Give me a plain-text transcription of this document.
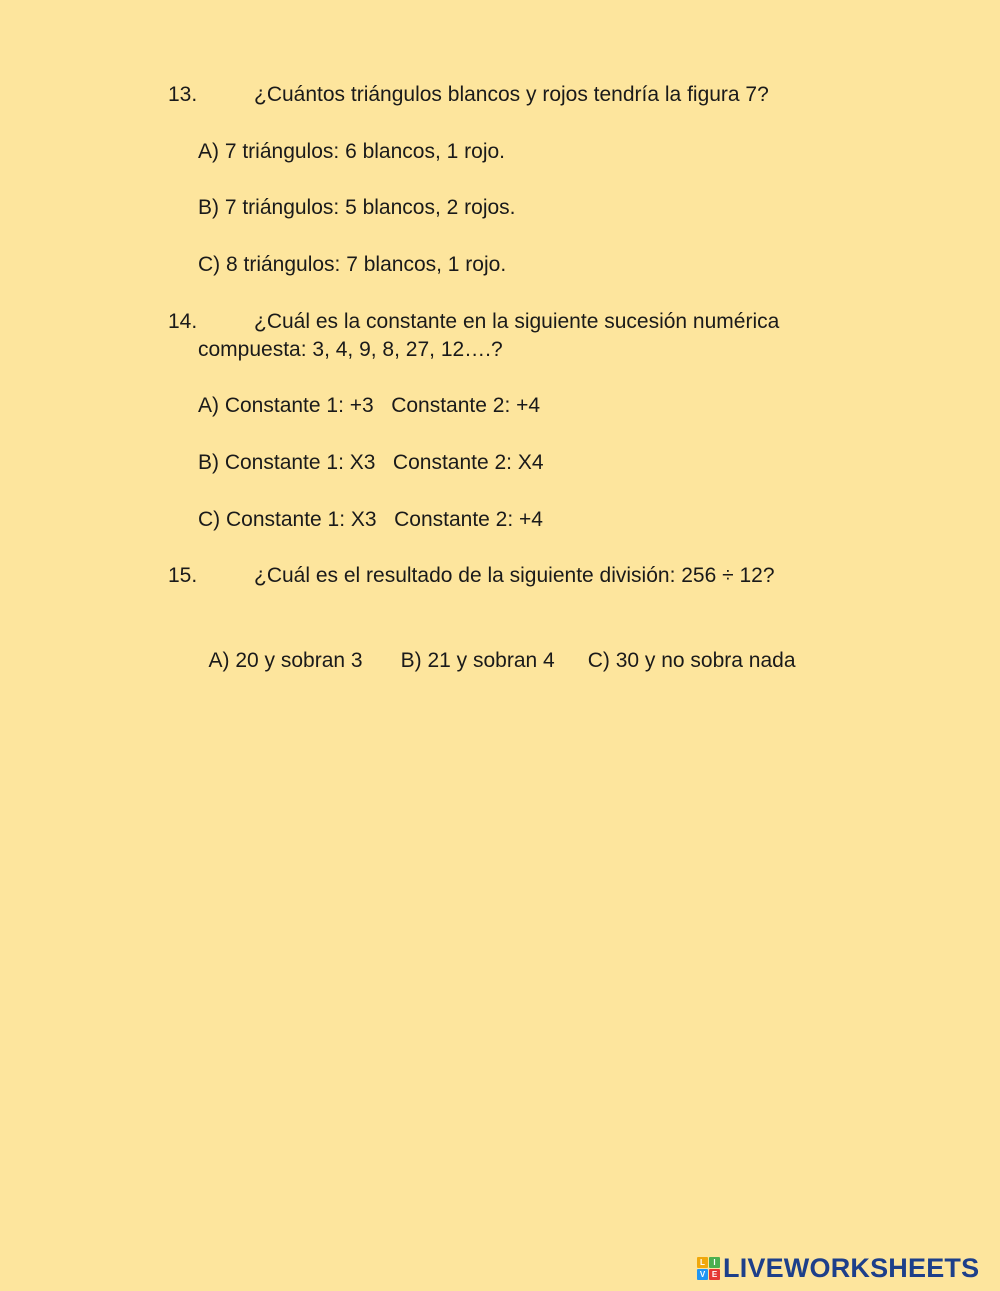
13.	¿Cuántos triángulos blancos y rojos tendría la figura 7?
A) 7 triángulos: 6 blancos, 1 rojo.
B) 7 triángulos: 5 blancos, 2 rojos.
C) 8 triángulos: 7 blancos, 1 rojo.
14.	¿Cuál es la constante en la siguiente sucesión numérica
compuesta: 3, 4, 9, 8, 27, 12….?
A) Constante 1: +3   Constante 2: +4
B) Constante 1: X3   Constante 2: X4
C) Constante 1: X3   Constante 2: +4
15.	¿Cuál es el resultado de la siguiente división: 256 ÷ 12?

A) 20 y sobran 3 B) 21 y sobran 4 C) 30 y no sobra nada

L	I
V E LIVEWORKSHEETS
